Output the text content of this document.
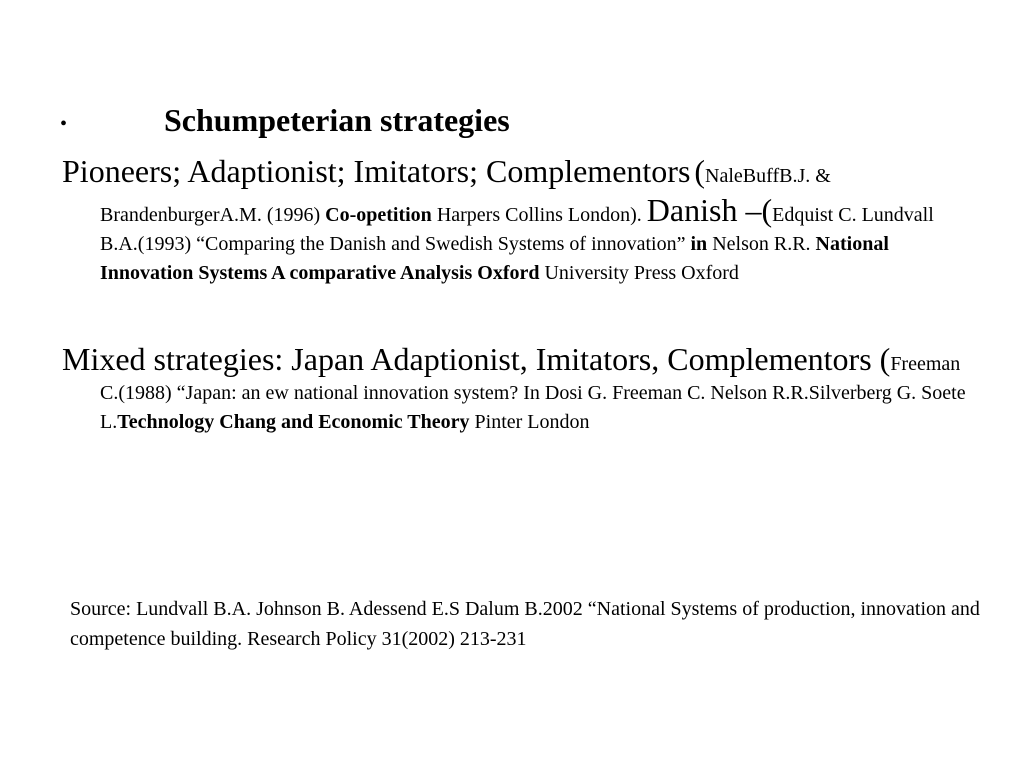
•	Schumpeterian strategies
Pioneers; Adaptionist; Imitators; Complementors (NaleBuffB.J. & BrandenburgerA.M. (1996) Co-opetition Harpers Collins London). Danish –(Edquist C. Lundvall B.A.(1993) “Comparing the Danish and Swedish Systems of innovation” in Nelson R.R. National Innovation Systems A comparative Analysis Oxford University Press Oxford
Mixed strategies: Japan Adaptionist, Imitators, Complementors (Freeman C.(1988) “Japan: an ew national innovation system? In Dosi G. Freeman C. Nelson R.R.Silverberg G. Soete L.Technology Chang and Economic Theory Pinter London
Source: Lundvall B.A. Johnson B. Adessend E.S Dalum B.2002 “National Systems of production, innovation and competence building. Research Policy 31(2002) 213-231
